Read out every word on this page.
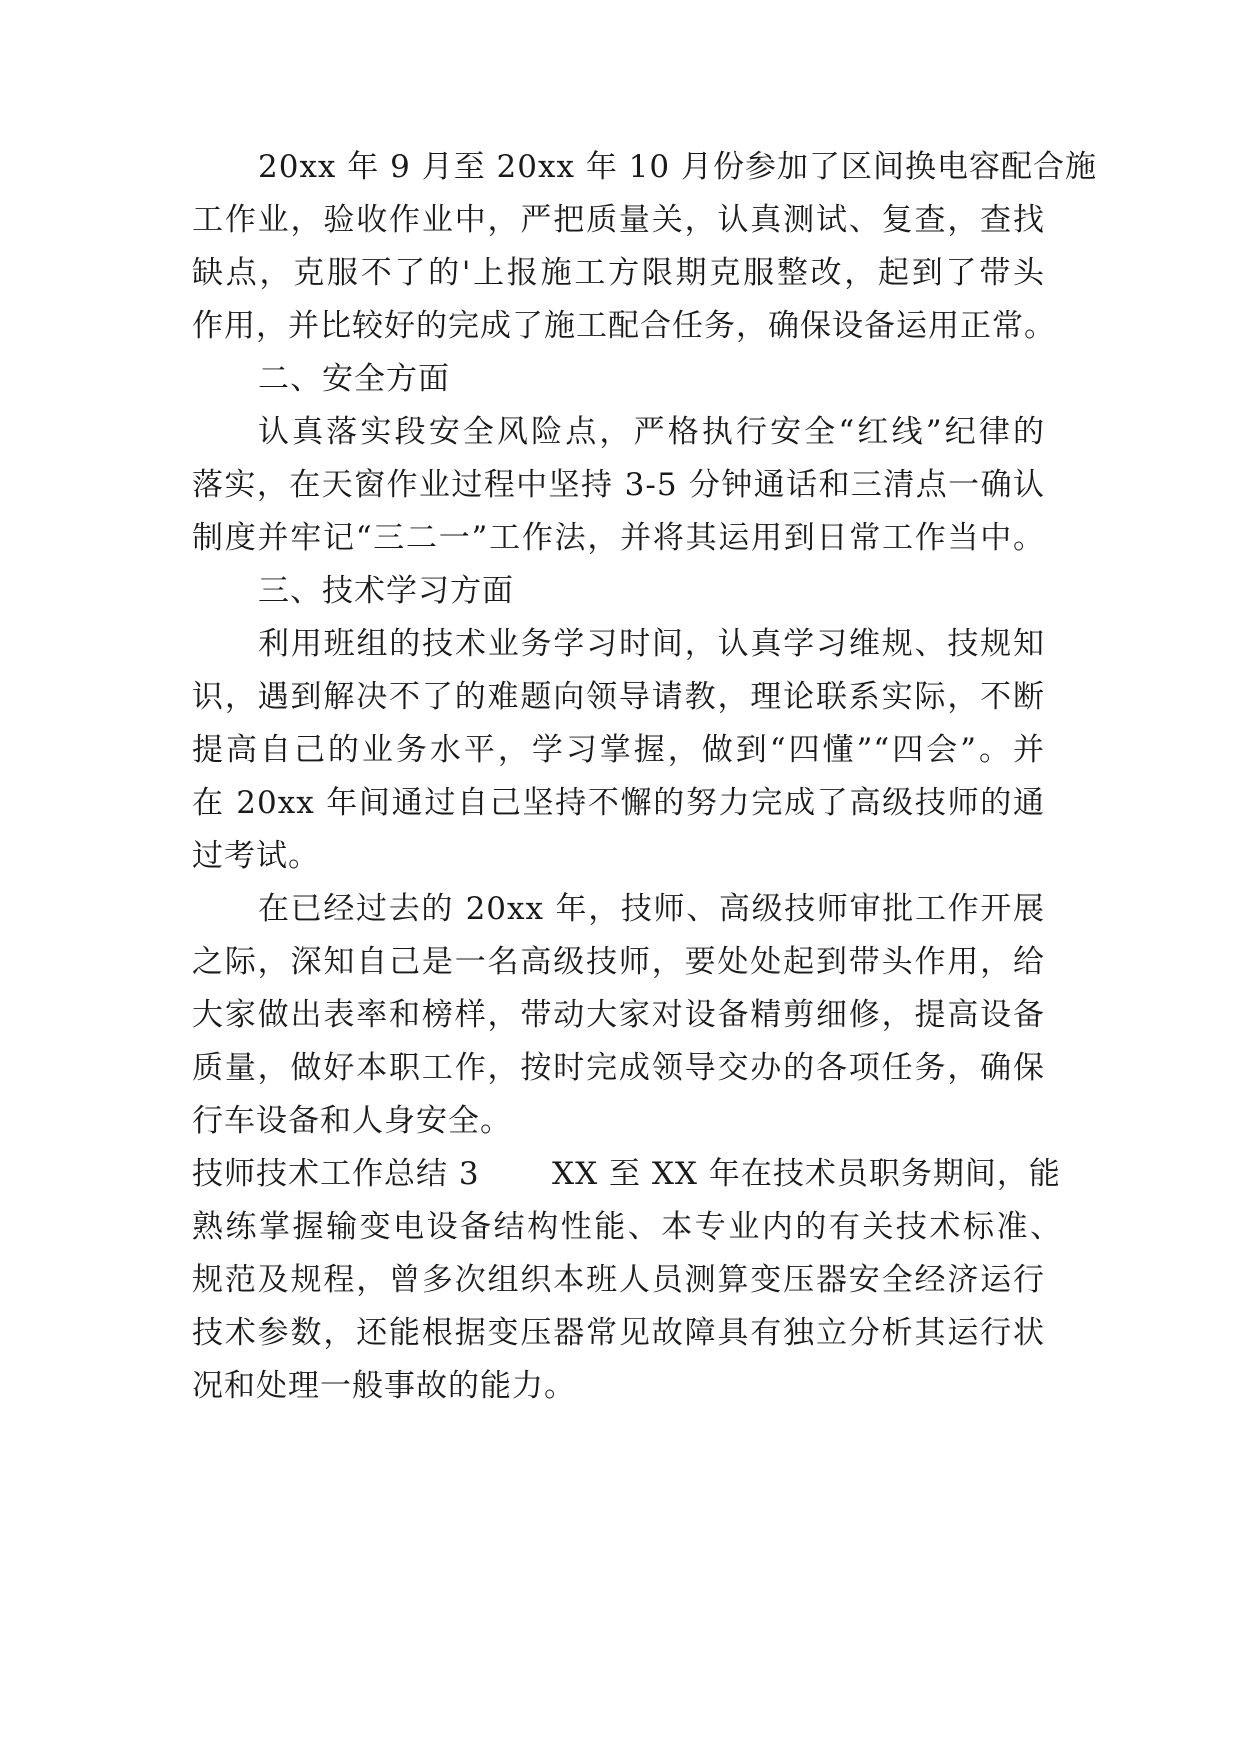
20xx 年 9 月至 20xx 年 10 月份参加了区间换电容配合施
工作业，验收作业中，严把质量关，认真测试、复查，查找
缺点，克服不了的'上报施工方限期克服整改，起到了带头
作用，并比较好的完成了施工配合任务，确保设备运用正常。
二、安全方面
认真落实段安全风险点，严格执行安全“红线”纪律的
落实，在天窗作业过程中坚持 3-5 分钟通话和三清点一确认
制度并牢记“三二一”工作法，并将其运用到日常工作当中。
三、技术学习方面
利用班组的技术业务学习时间，认真学习维规、技规知
识，遇到解决不了的难题向领导请教，理论联系实际，不断
提高自己的业务水平，学习掌握，做到“四懂”“四会”。并
在 20xx 年间通过自己坚持不懈的努力完成了高级技师的通
过考试。
在已经过去的 20xx 年，技师、高级技师审批工作开展
之际，深知自己是一名高级技师，要处处起到带头作用，给
大家做出表率和榜样，带动大家对设备精剪细修，提高设备
质量，做好本职工作，按时完成领导交办的各项任务，确保
行车设备和人身安全。
技师技术工作总结 3 XX 至 XX 年在技术员职务期间，能
熟练掌握输变电设备结构性能、本专业内的有关技术标准、
规范及规程，曾多次组织本班人员测算变压器安全经济运行
技术参数，还能根据变压器常见故障具有独立分析其运行状
况和处理一般事故的能力。
